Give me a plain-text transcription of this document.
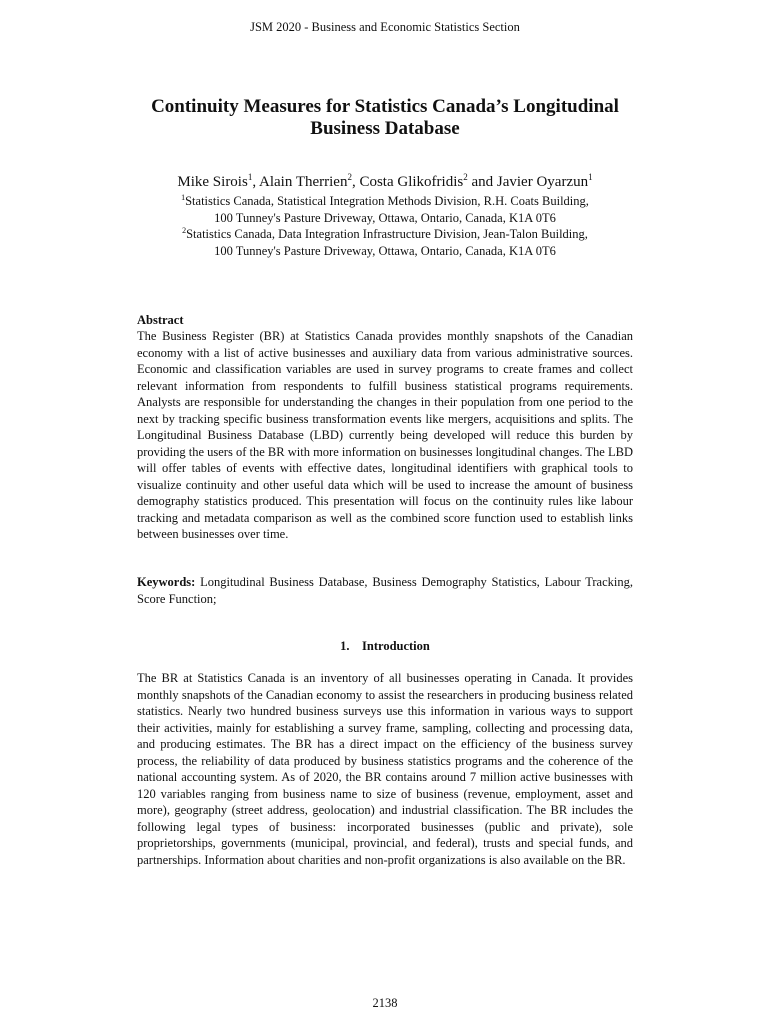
JSM 2020 - Business and Economic Statistics Section
Continuity Measures for Statistics Canada’s Longitudinal Business Database
Mike Sirois$^1$, Alain Therrien$^2$, Costa Glikofridis$^2$ and Javier Oyarzun$^1$
$^1$Statistics Canada, Statistical Integration Methods Division, R.H. Coats Building,
100 Tunney's Pasture Driveway, Ottawa, Ontario, Canada, K1A 0T6
$^2$Statistics Canada, Data Integration Infrastructure Division, Jean-Talon Building,
100 Tunney's Pasture Driveway, Ottawa, Ontario, Canada, K1A 0T6
Abstract
The Business Register (BR) at Statistics Canada provides monthly snapshots of the Canadian economy with a list of active businesses and auxiliary data from various administrative sources. Economic and classification variables are used in survey programs to create frames and collect relevant information from respondents to fulfill business statistical programs requirements. Analysts are responsible for understanding the changes in their population from one period to the next by tracking specific business transformation events like mergers, acquisitions and splits. The Longitudinal Business Database (LBD) currently being developed will reduce this burden by providing the users of the BR with more information on businesses longitudinal changes. The LBD will offer tables of events with effective dates, longitudinal identifiers with graphical tools to visualize continuity and other useful data which will be used to increase the amount of business demography statistics produced. This presentation will focus on the continuity rules like labour tracking and metadata comparison as well as the combined score function used to establish links between businesses over time.
Keywords: Longitudinal Business Database, Business Demography Statistics, Labour Tracking, Score Function;
1.    Introduction
The BR at Statistics Canada is an inventory of all businesses operating in Canada. It provides monthly snapshots of the Canadian economy to assist the researchers in producing business related statistics. Nearly two hundred business surveys use this information in various ways to support their activities, mainly for establishing a survey frame, sampling, collecting and processing data, and producing estimates. The BR has a direct impact on the efficiency of the business survey process, the reliability of data produced by business statistics programs and the coherence of the national accounting system. As of 2020, the BR contains around 7 million active businesses with 120 variables ranging from business name to size of business (revenue, employment, asset and more), geography (street address, geolocation) and industrial classification. The BR includes the following legal types of business: incorporated businesses (public and private), sole proprietorships, governments (municipal, provincial, and federal), trusts and special funds, and partnerships. Information about charities and non-profit organizations is also available on the BR.
2138
